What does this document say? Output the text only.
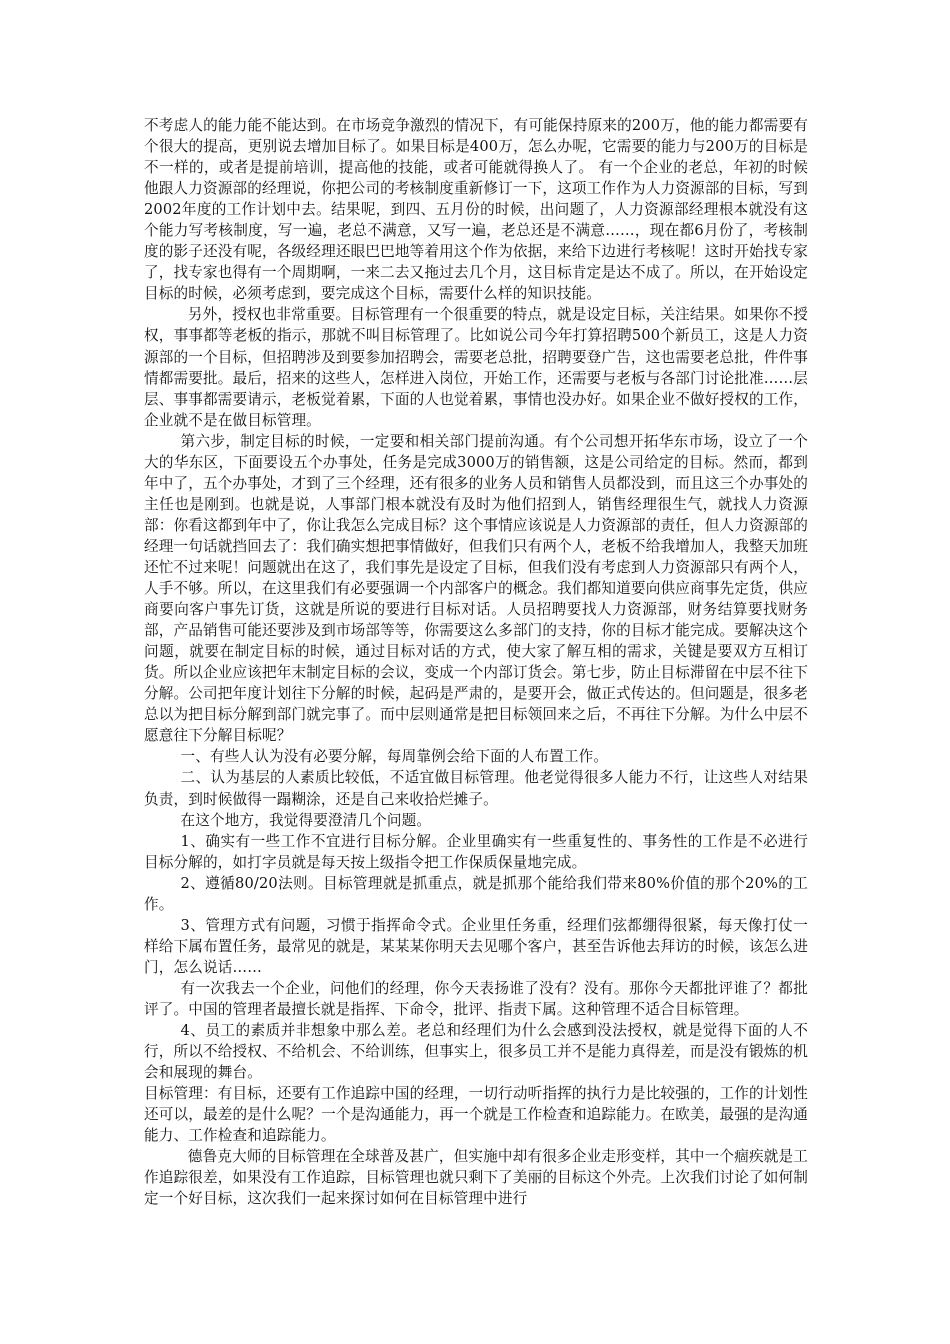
不考虑人的能力能不能达到。在市场竞争激烈的情况下，有可能保持原来的200万，他的能力都需要有个很大的提高，更别说去增加目标了。如果目标是400万，怎么办呢，它需要的能力与200万的目标是不一样的，或者是提前培训，提高他的技能，或者可能就得换人了。 有一个企业的老总，年初的时候他跟人力资源部的经理说，你把公司的考核制度重新修订一下，这项工作作为人力资源部的目标，写到2002年度的工作计划中去。结果呢，到四、五月份的时候，出问题了，人力资源部经理根本就没有这个能力写考核制度，写一遍，老总不满意，又写一遍，老总还是不满意……，现在都6月份了，考核制度的影子还没有呢，各级经理还眼巴巴地等着用这个作为依据，来给下边进行考核呢！这时开始找专家了，找专家也得有一个周期啊，一来二去又拖过去几个月，这目标肯定是达不成了。所以，在开始设定目标的时候，必须考虑到，要完成这个目标，需要什么样的知识技能。

另外，授权也非常重要。目标管理有一个很重要的特点，就是设定目标，关注结果。如果你不授权，事事都等老板的指示，那就不叫目标管理了。比如说公司今年打算招聘500个新员工，这是人力资源部的一个目标，但招聘涉及到要参加招聘会，需要老总批，招聘要登广告，这也需要老总批，件件事情都需要批。最后，招来的这些人，怎样进入岗位，开始工作，还需要与老板与各部门讨论批准……层层、事事都需要请示，老板觉着累，下面的人也觉着累，事情也没办好。如果企业不做好授权的工作，企业就不是在做目标管理。

第六步，制定目标的时候，一定要和相关部门提前沟通。有个公司想开拓华东市场，设立了一个大的华东区，下面要设五个办事处，任务是完成3000万的销售额，这是公司给定的目标。然而，都到年中了，五个办事处，才到了三个经理，还有很多的业务人员和销售人员都没到，而且这三个办事处的主任也是刚到。也就是说，人事部门根本就没有及时为他们招到人，销售经理很生气，就找人力资源部：你看这都到年中了，你让我怎么完成目标？这个事情应该说是人力资源部的责任，但人力资源部的经理一句话就挡回去了：我们确实想把事情做好，但我们只有两个人，老板不给我增加人，我整天加班还忙不过来呢！问题就出在这了，我们事先是设定了目标，但我们没有考虑到人力资源部只有两个人，人手不够。所以，在这里我们有必要强调一个内部客户的概念。我们都知道要向供应商事先定货，供应商要向客户事先订货，这就是所说的要进行目标对话。人员招聘要找人力资源部，财务结算要找财务部，产品销售可能还要涉及到市场部等等，你需要这么多部门的支持，你的目标才能完成。要解决这个问题，就要在制定目标的时候，通过目标对话的方式，使大家了解互相的需求，关键是要双方互相订货。所以企业应该把年末制定目标的会议，变成一个内部订货会。第七步，防止目标滞留在中层不往下分解。公司把年度计划往下分解的时候，起码是严肃的，是要开会，做正式传达的。但问题是，很多老总以为把目标分解到部门就完事了。而中层则通常是把目标领回来之后，不再往下分解。为什么中层不愿意往下分解目标呢？

一、有些人认为没有必要分解，每周靠例会给下面的人布置工作。

二、认为基层的人素质比较低，不适宜做目标管理。他老觉得很多人能力不行，让这些人对结果负责，到时候做得一蹋糊涂，还是自己来收拾烂摊子。

在这个地方，我觉得要澄清几个问题。

1、确实有一些工作不宜进行目标分解。企业里确实有一些重复性的、事务性的工作是不必进行目标分解的，如打字员就是每天按上级指令把工作保质保量地完成。

2、遵循80/20法则。目标管理就是抓重点，就是抓那个能给我们带来80%价值的那个20%的工作。

3、管理方式有问题，习惯于指挥命令式。企业里任务重，经理们弦都绷得很紧，每天像打仗一样给下属布置任务，最常见的就是，某某某你明天去见哪个客户，甚至告诉他去拜访的时候，该怎么进门，怎么说话……

有一次我去一个企业，问他们的经理，你今天表扬谁了没有？没有。那你今天都批评谁了？都批评了。中国的管理者最擅长就是指挥、下命令，批评、指责下属。这种管理不适合目标管理。

4、员工的素质并非想象中那么差。老总和经理们为什么会感到没法授权，就是觉得下面的人不行，所以不给授权、不给机会、不给训练，但事实上，很多员工并不是能力真得差，而是没有锻炼的机会和展现的舞台。

目标管理：有目标，还要有工作追踪中国的经理，一切行动听指挥的执行力是比较强的，工作的计划性还可以，最差的是什么呢？一个是沟通能力，再一个就是工作检查和追踪能力。在欧美，最强的是沟通能力、工作检查和追踪能力。

德鲁克大师的目标管理在全球普及甚广，但实施中却有很多企业走形变样，其中一个痼疾就是工作追踪很差，如果没有工作追踪，目标管理也就只剩下了美丽的目标这个外壳。上次我们讨论了如何制定一个好目标，这次我们一起来探讨如何在目标管理中进行
